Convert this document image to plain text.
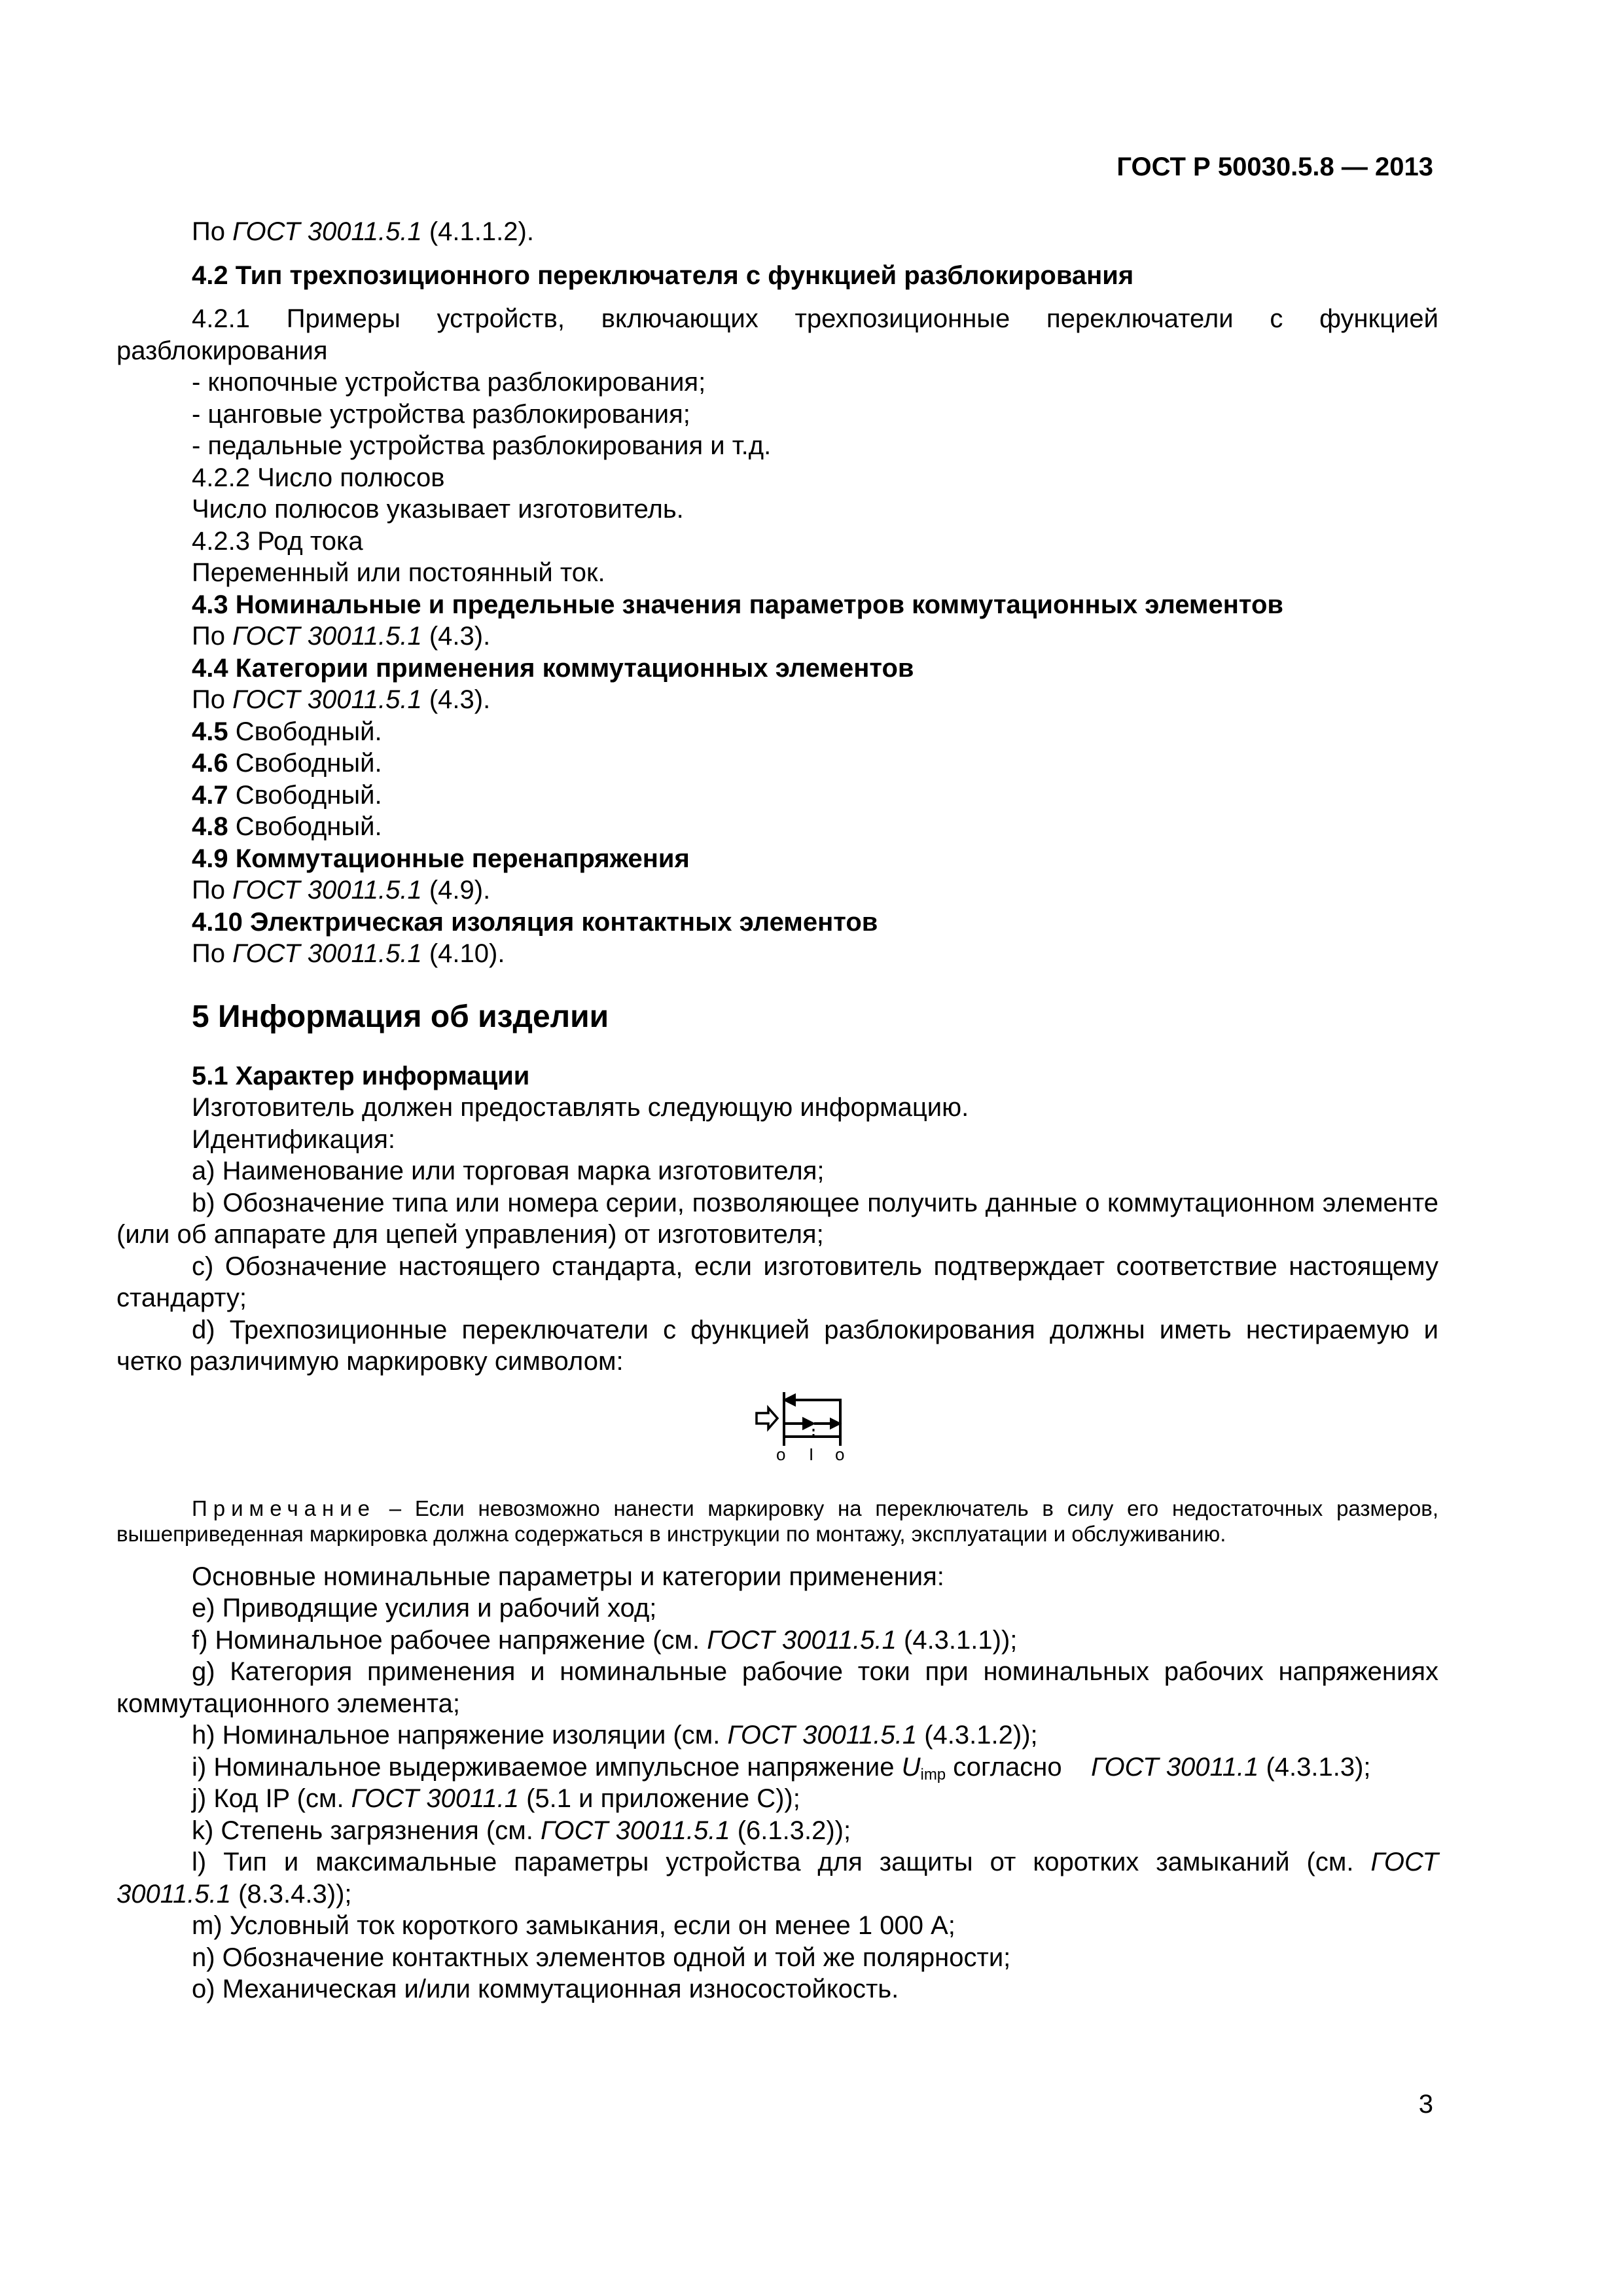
ГОСТ Р 50030.5.8 — 2013

По ГОСТ 30011.5.1 (4.1.1.2).

4.2 Тип трехпозиционного переключателя с функцией разблокирования

4.2.1 Примеры устройств, включающих трехпозиционные переключатели с функцией разблокирования

- кнопочные устройства разблокирования;

- цанговые устройства разблокирования;

- педальные устройства разблокирования и т.д.

4.2.2 Число полюсов

Число полюсов указывает изготовитель.

4.2.3 Род тока

Переменный или постоянный ток.

4.3 Номинальные и предельные значения параметров коммутационных элементов

По ГОСТ 30011.5.1 (4.3).

4.4 Категории применения коммутационных элементов

По ГОСТ 30011.5.1 (4.3).

4.5 Свободный.

4.6 Свободный.

4.7 Свободный.

4.8 Свободный.

4.9 Коммутационные перенапряжения

По ГОСТ 30011.5.1 (4.9).

4.10 Электрическая изоляция контактных элементов

По ГОСТ 30011.5.1 (4.10).

5 Информация об изделии

5.1 Характер информации

Изготовитель должен предоставлять следующую информацию.

Идентификация:

a) Наименование или торговая марка изготовителя;

b) Обозначение типа или номера серии, позволяющее получить данные о коммутационном элементе (или об аппарате для цепей управления) от изготовителя;

c) Обозначение настоящего стандарта, если изготовитель подтверждает соответствие настоящему стандарту;

d) Трехпозиционные переключатели с функцией разблокирования должны иметь нестираемую и четко различимую маркировку символом:

o I o

Примечание – Если невозможно нанести маркировку на переключатель в силу его недостаточных размеров, вышеприведенная маркировка должна содержаться в инструкции по монтажу, эксплуатации и обслуживанию.

Основные номинальные параметры и категории применения:

e) Приводящие усилия и рабочий ход;

f) Номинальное рабочее напряжение (см. ГОСТ 30011.5.1 (4.3.1.1));

g) Категория применения и номинальные рабочие токи при номинальных рабочих напряжениях коммутационного элемента;

h) Номинальное напряжение изоляции (см. ГОСТ 30011.5.1 (4.3.1.2));

i) Номинальное выдерживаемое импульсное напряжение $U_{imp}$ согласно    ГОСТ 30011.1 (4.3.1.3);

j) Код IP (см. ГОСТ 30011.1 (5.1 и приложение С));

k) Степень загрязнения (см. ГОСТ 30011.5.1 (6.1.3.2));

l) Тип и максимальные параметры устройства для защиты от коротких замыканий (см. ГОСТ 30011.5.1 (8.3.4.3));

m) Условный ток короткого замыкания, если он менее 1 000 А;

n) Обозначение контактных элементов одной и той же полярности;

o) Механическая и/или коммутационная износостойкость.

3
